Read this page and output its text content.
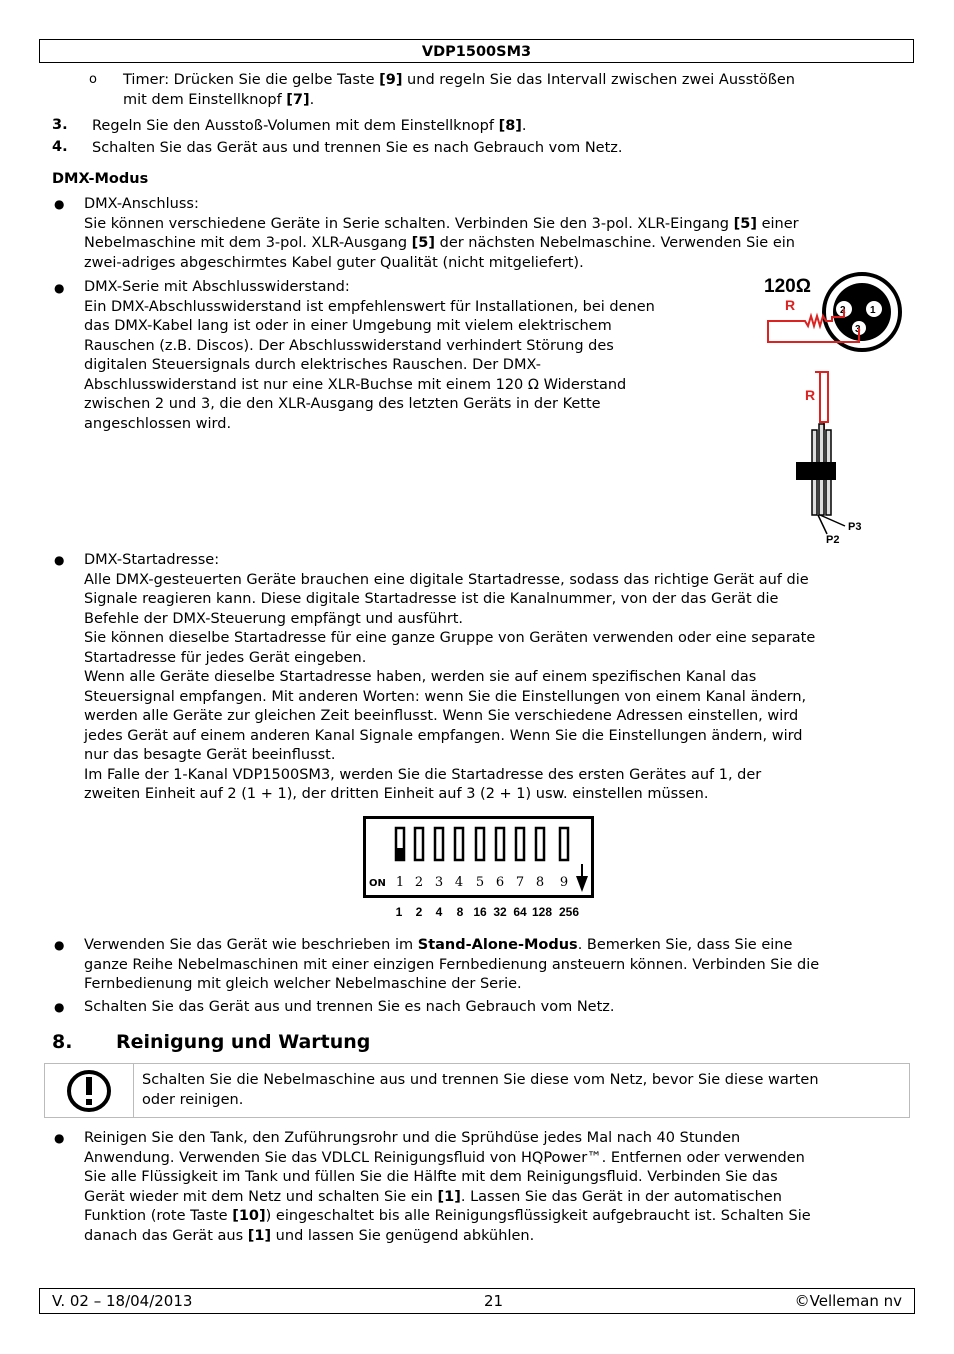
VDP1500SM3
o Timer: Drücken Sie die gelbe Taste [9] und regeln Sie das Intervall zwischen zwei Ausstößen
mit dem Einstellknopf [7].
3. Regeln Sie den Ausstoß-Volumen mit dem Einstellknopf [8].
4. Schalten Sie das Gerät aus und trennen Sie es nach Gebrauch vom Netz.
DMX-Modus
● DMX-Anschluss:
Sie können verschiedene Geräte in Serie schalten. Verbinden Sie den 3-pol. XLR-Eingang [5] einer
Nebelmaschine mit dem 3-pol. XLR-Ausgang [5] der nächsten Nebelmaschine. Verwenden Sie ein
zwei-adriges abgeschirmtes Kabel guter Qualität (nicht mitgeliefert).
● DMX-Serie mit Abschlusswiderstand:
Ein DMX-Abschlusswiderstand ist empfehlenswert für Installationen, bei denen
das DMX-Kabel lang ist oder in einer Umgebung mit vielem elektrischem
Rauschen (z.B. Discos). Der Abschlusswiderstand verhindert Störung des
digitalen Steuersignals durch elektrisches Rauschen. Der DMX-
Abschlusswiderstand ist nur eine XLR-Buchse mit einem 120 Ω Widerstand
zwischen 2 und 3, die den XLR-Ausgang des letzten Geräts in der Kette
angeschlossen wird.
120Ω
R	2 1
3
R
P3
P2
● DMX-Startadresse:
Alle DMX-gesteuerten Geräte brauchen eine digitale Startadresse, sodass das richtige Gerät auf die
Signale reagieren kann. Diese digitale Startadresse ist die Kanalnummer, von der das Gerät die
Befehle der DMX-Steuerung empfängt und ausführt.
Sie können dieselbe Startadresse für eine ganze Gruppe von Geräten verwenden oder eine separate
Startadresse für jedes Gerät eingeben.
Wenn alle Geräte dieselbe Startadresse haben, werden sie auf einem spezifischen Kanal das
Steuersignal empfangen. Mit anderen Worten: wenn Sie die Einstellungen von einem Kanal ändern,
werden alle Geräte zur gleichen Zeit beeinflusst. Wenn Sie verschiedene Adressen einstellen, wird
jedes Gerät auf einem anderen Kanal Signale empfangen. Wenn Sie die Einstellungen ändern, wird
nur das besagte Gerät beeinflusst.
Im Falle der 1-Kanal VDP1500SM3, werden Sie die Startadresse des ersten Gerätes auf 1, der
zweiten Einheit auf 2 (1 + 1), der dritten Einheit auf 3 (2 + 1) usw. einstellen müssen.
ON 1 2 3 4 5 6 7 8 9
1 2 4 8 16 32 64 128 256
● Verwenden Sie das Gerät wie beschrieben im Stand-Alone-Modus. Bemerken Sie, dass Sie eine
ganze Reihe Nebelmaschinen mit einer einzigen Fernbedienung ansteuern können. Verbinden Sie die
Fernbedienung mit gleich welcher Nebelmaschine der Serie.
● Schalten Sie das Gerät aus und trennen Sie es nach Gebrauch vom Netz.
8. Reinigung und Wartung
Schalten Sie die Nebelmaschine aus und trennen Sie diese vom Netz, bevor Sie diese warten
oder reinigen.
● Reinigen Sie den Tank, den Zuführungsrohr und die Sprühdüse jedes Mal nach 40 Stunden
Anwendung. Verwenden Sie das VDLCL Reinigungsfluid von HQPower™. Entfernen oder verwenden
Sie alle Flüssigkeit im Tank und füllen Sie die Hälfte mit dem Reinigungsfluid. Verbinden Sie das
Gerät wieder mit dem Netz und schalten Sie ein [1]. Lassen Sie das Gerät in der automatischen
Funktion (rote Taste [10]) eingeschaltet bis alle Reinigungsflüssigkeit aufgebraucht ist. Schalten Sie
danach das Gerät aus [1] und lassen Sie genügend abkühlen.
V. 02 – 18/04/2013	21	©Velleman nv
